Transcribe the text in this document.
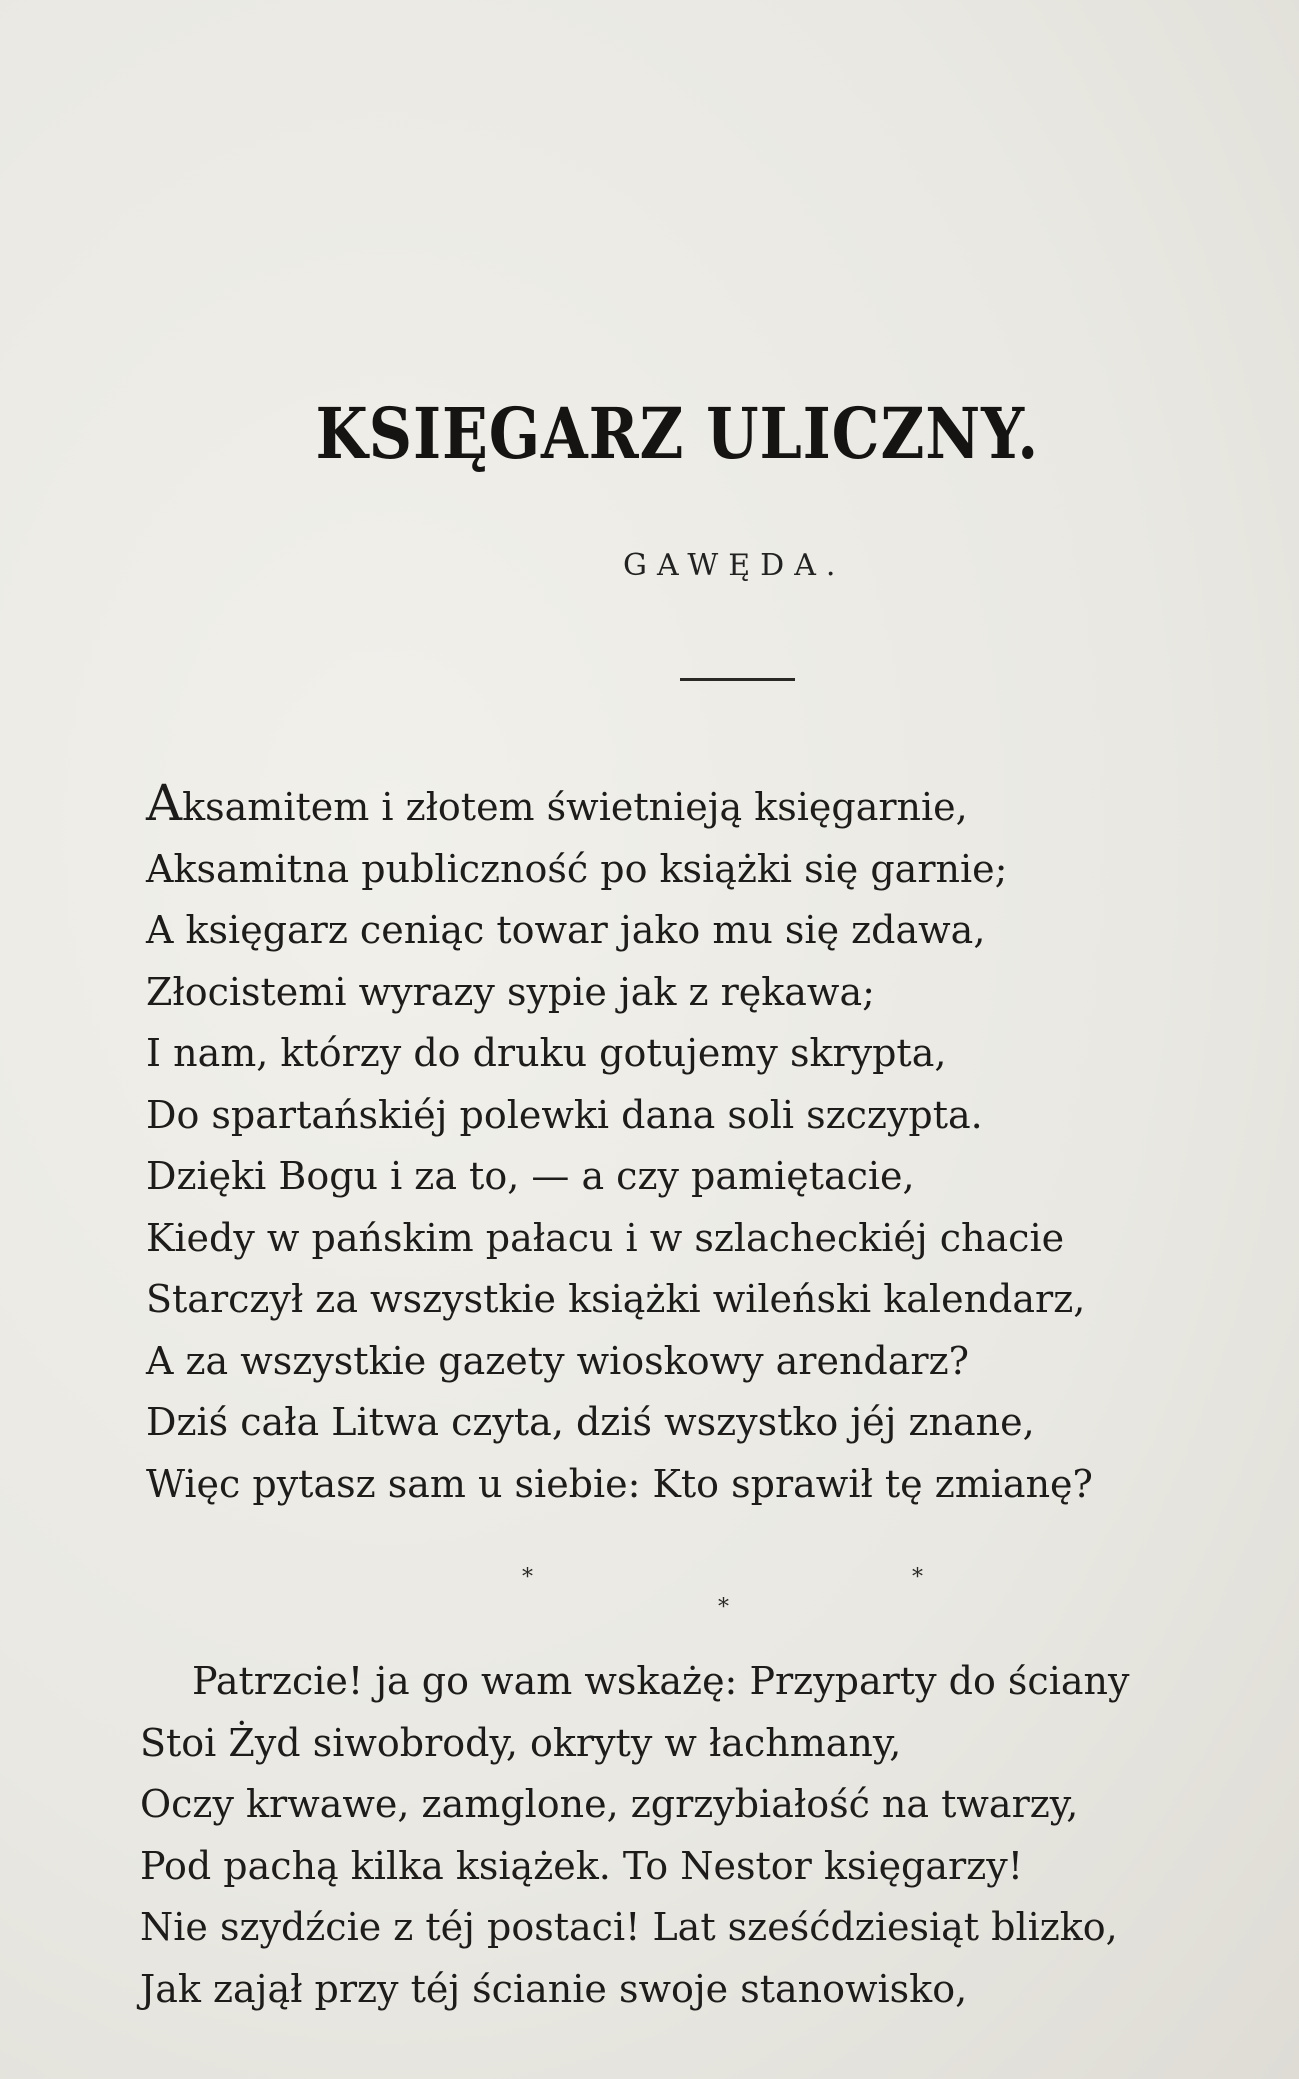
KSIĘGARZ ULICZNY.
GAWĘDA.
Aksamitem i złotem świetnieją księgarnie,
Aksamitna publiczność po książki się garnie;
A księgarz ceniąc towar jako mu się zdawa,
Złocistemi wyrazy sypie jak z rękawa;
I nam, którzy do druku gotujemy skrypta,
Do spartańskiéj polewki dana soli szczypta.
Dzięki Bogu i za to, — a czy pamiętacie,
Kiedy w pańskim pałacu i w szlacheckiéj chacie
Starczył za wszystkie książki wileński kalendarz,
A za wszystkie gazety wioskowy arendarz?
Dziś cała Litwa czyta, dziś wszystko jéj znane,
Więc pytasz sam u siebie: Kto sprawił tę zmianę?
*	*
*
Patrzcie! ja go wam wskażę: Przyparty do ściany
Stoi Żyd siwobrody, okryty w łachmany,
Oczy krwawe, zamglone, zgrzybiałość na twarzy,
Pod pachą kilka książek. To Nestor księgarzy!
Nie szydźcie z téj postaci! Lat sześćdziesiąt blizko,
Jak zajął przy téj ścianie swoje stanowisko,
